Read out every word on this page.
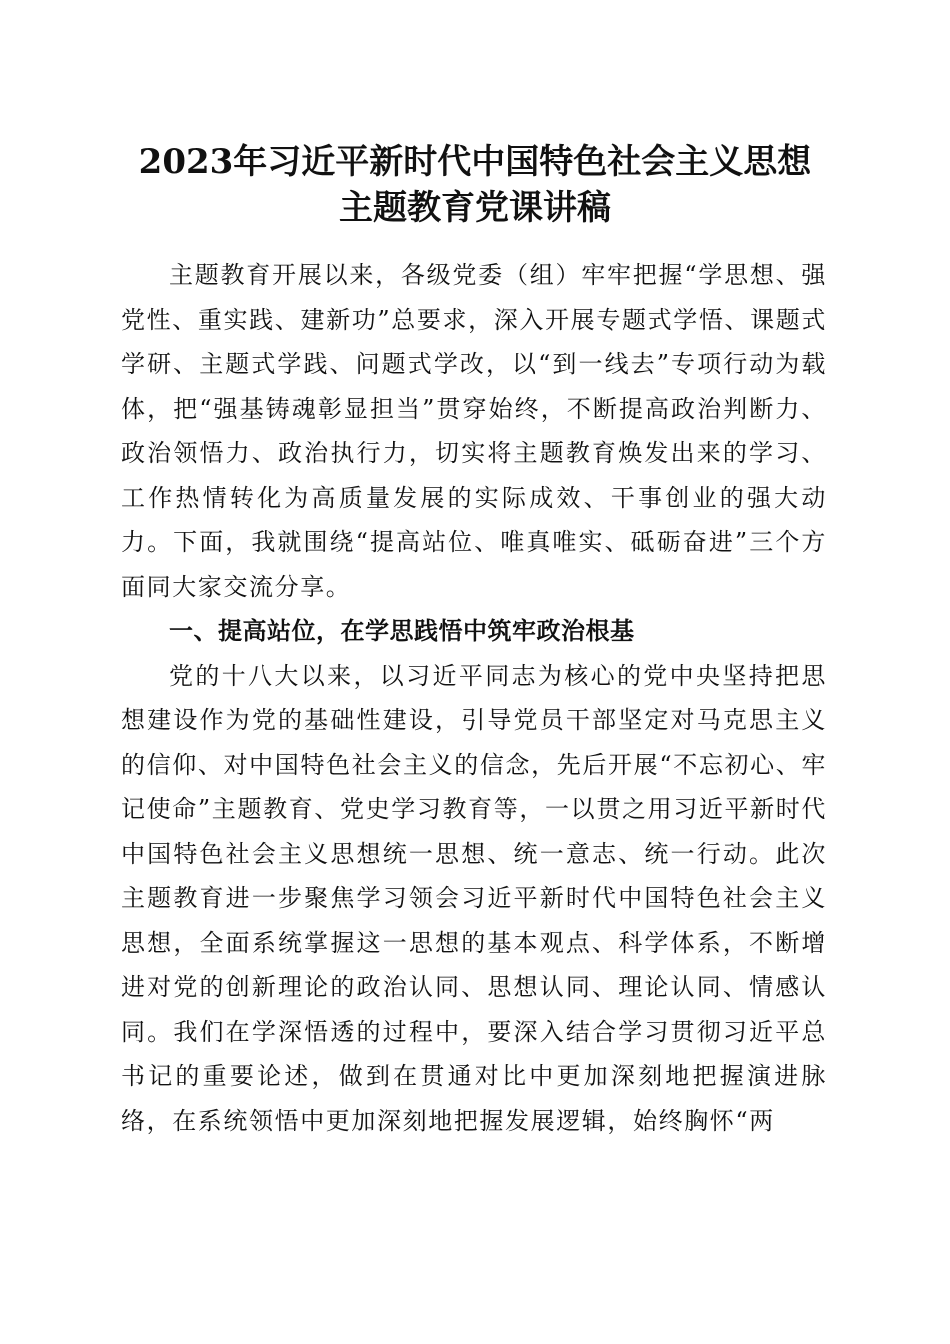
2023年习近平新时代中国特色社会主义思想
主题教育党课讲稿

主题教育开展以来，各级党委（组）牢牢把握“学思想、强党性、重实践、建新功”总要求，深入开展专题式学悟、课题式学研、主题式学践、问题式学改，以“到一线去”专项行动为载体，把“强基铸魂彰显担当”贯穿始终，不断提高政治判断力、政治领悟力、政治执行力，切实将主题教育焕发出来的学习、工作热情转化为高质量发展的实际成效、干事创业的强大动力。下面，我就围绕“提高站位、唯真唯实、砥砺奋进”三个方面同大家交流分享。

一、提高站位，在学思践悟中筑牢政治根基

党的十八大以来，以习近平同志为核心的党中央坚持把思想建设作为党的基础性建设，引导党员干部坚定对马克思主义的信仰、对中国特色社会主义的信念，先后开展“不忘初心、牢记使命”主题教育、党史学习教育等，一以贯之用习近平新时代中国特色社会主义思想统一思想、统一意志、统一行动。此次主题教育进一步聚焦学习领会习近平新时代中国特色社会主义思想，全面系统掌握这一思想的基本观点、科学体系，不断增进对党的创新理论的政治认同、思想认同、理论认同、情感认同。我们在学深悟透的过程中，要深入结合学习贯彻习近平总书记的重要论述，做到在贯通对比中更加深刻地把握演进脉络，在系统领悟中更加深刻地把握发展逻辑，始终胸怀“两
